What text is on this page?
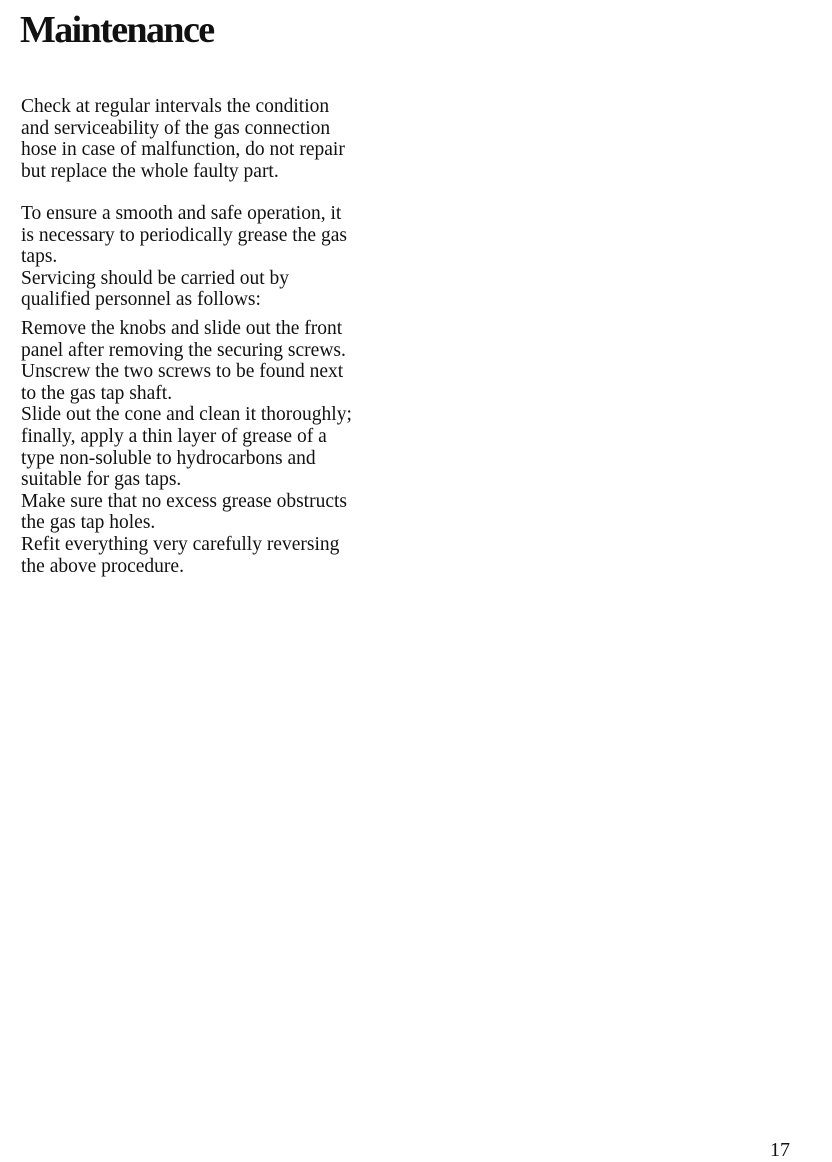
Maintenance

Check at regular intervals the condition
and serviceability of the gas connection
hose in case of malfunction, do not repair
but replace the whole faulty part.

To ensure a smooth and safe operation, it
is necessary to periodically grease the gas
taps.
Servicing should be carried out by
qualified personnel as follows:

Remove the knobs and slide out the front
panel after removing the securing screws.
Unscrew the two screws to be found next
to the gas tap shaft.
Slide out the cone and clean it thoroughly;
finally, apply a thin layer of grease of a
type non-soluble to hydrocarbons and
suitable for gas taps.
Make sure that no excess grease obstructs
the gas tap holes.
Refit everything very carefully reversing
the above procedure.

17
